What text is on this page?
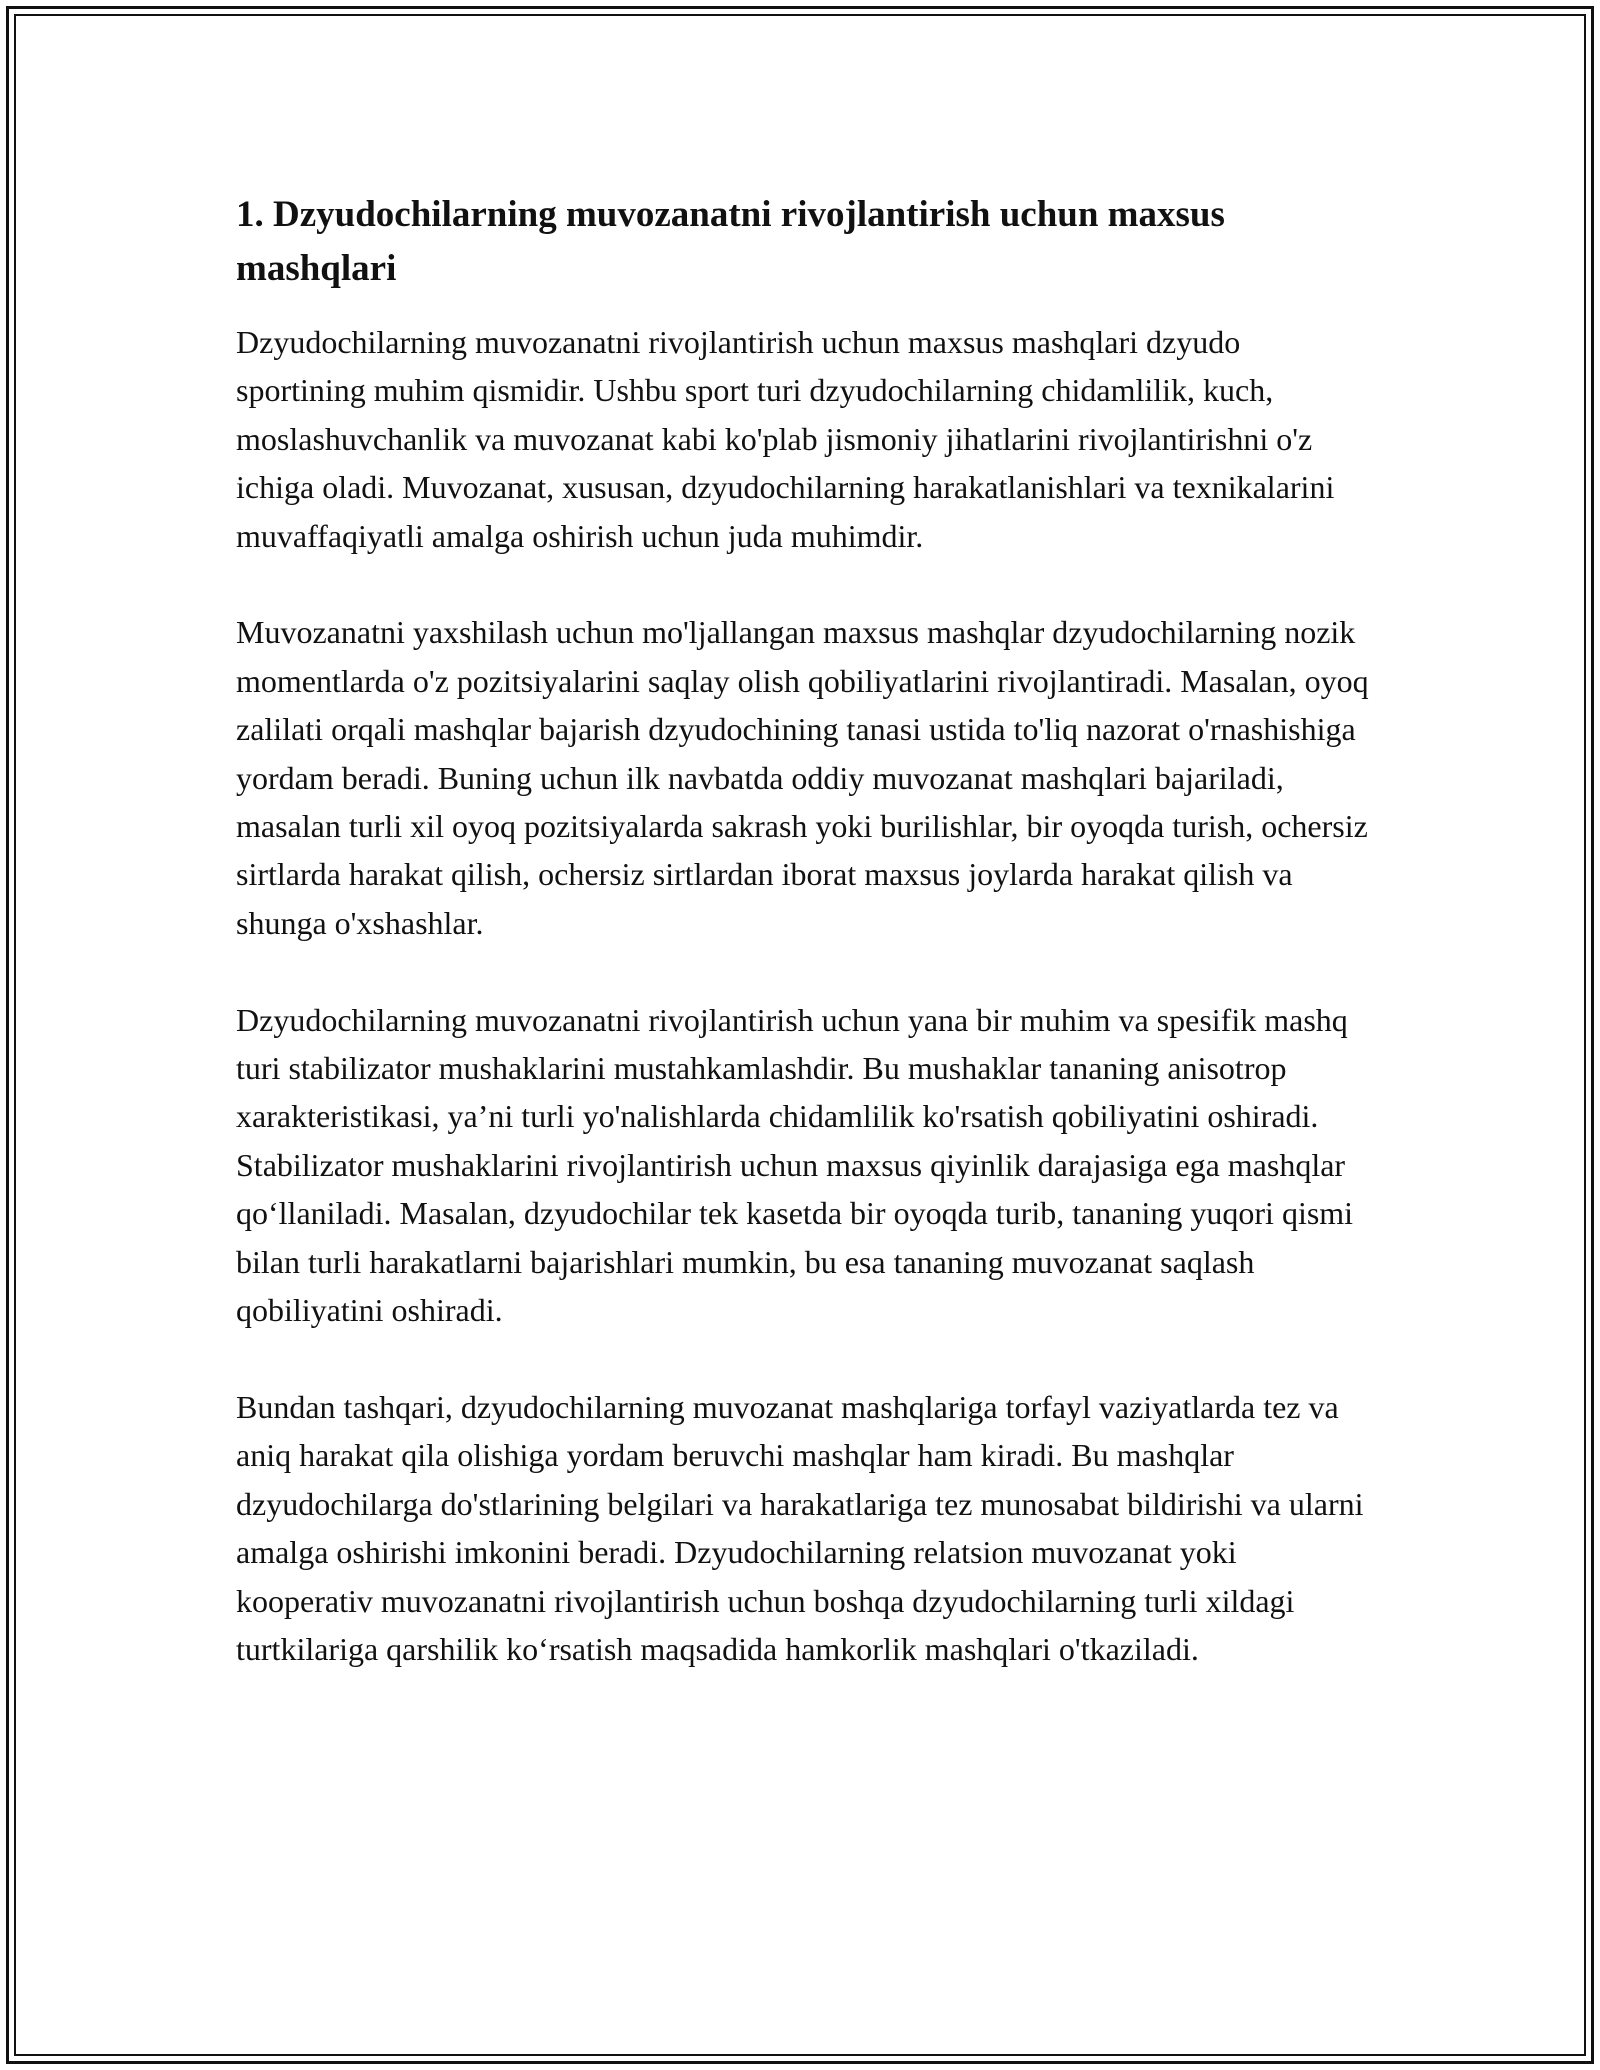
1. Dzyudochilarning muvozanatni rivojlantirish uchun maxsus mashqlari

Dzyudochilarning muvozanatni rivojlantirish uchun maxsus mashqlari dzyudo sportining muhim qismidir. Ushbu sport turi dzyudochilarning chidamlilik, kuch, moslashuvchanlik va muvozanat kabi ko'plab jismoniy jihatlarini rivojlantirishni o'z ichiga oladi. Muvozanat, xususan, dzyudochilarning harakatlanishlari va texnikalarini muvaffaqiyatli amalga oshirish uchun juda muhimdir.

Muvozanatni yaxshilash uchun mo'ljallangan maxsus mashqlar dzyudochilarning nozik momentlarda o'z pozitsiyalarini saqlay olish qobiliyatlarini rivojlantiradi. Masalan, oyoq zalilati orqali mashqlar bajarish dzyudochining tanasi ustida to'liq nazorat o'rnashishiga yordam beradi. Buning uchun ilk navbatda oddiy muvozanat mashqlari bajariladi, masalan turli xil oyoq pozitsiyalarda sakrash yoki burilishlar, bir oyoqda turish, ochersiz sirtlarda harakat qilish, ochersiz sirtlardan iborat maxsus joylarda harakat qilish va shunga o'xshashlar.

Dzyudochilarning muvozanatni rivojlantirish uchun yana bir muhim va spesifik mashq turi stabilizator mushaklarini mustahkamlashdir. Bu mushaklar tananing anisotrop xarakteristikasi, ya’ni turli yo'nalishlarda chidamlilik ko'rsatish qobiliyatini oshiradi. Stabilizator mushaklarini rivojlantirish uchun maxsus qiyinlik darajasiga ega mashqlar qo‘llaniladi. Masalan, dzyudochilar tek kasetda bir oyoqda turib, tananing yuqori qismi bilan turli harakatlarni bajarishlari mumkin, bu esa tananing muvozanat saqlash qobiliyatini oshiradi.

Bundan tashqari, dzyudochilarning muvozanat mashqlariga torfayl vaziyatlarda tez va aniq harakat qila olishiga yordam beruvchi mashqlar ham kiradi. Bu mashqlar dzyudochilarga do'stlarining belgilari va harakatlariga tez munosabat bildirishi va ularni amalga oshirishi imkonini beradi. Dzyudochilarning relatsion muvozanat yoki kooperativ muvozanatni rivojlantirish uchun boshqa dzyudochilarning turli xildagi turtkilariga qarshilik ko‘rsatish maqsadida hamkorlik mashqlari o'tkaziladi.
